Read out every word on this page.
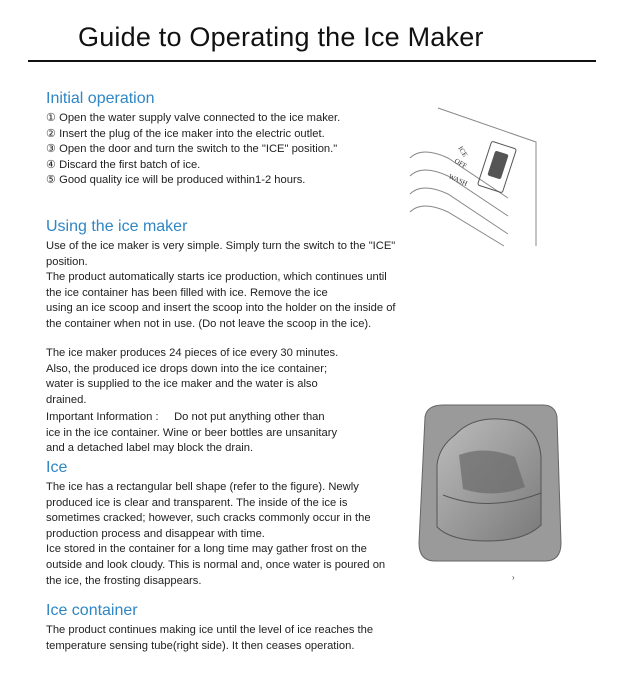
Guide to Operating the Ice Maker
Initial operation

① Open the water supply valve connected to the ice maker.

② Insert the plug of the ice maker into the electric outlet.

③ Open the door and turn the switch to the "ICE" position."

④ Discard the first batch of ice.

⑤ Good quality ice will be produced within1-2 hours.

Using the ice maker

Use of the ice maker is very simple. Simply turn the switch to the "ICE"

position.

The product automatically starts ice production, which continues until

the ice container has been filled with ice. Remove the ice

using an ice scoop and insert the scoop into the holder on the inside of

the container when not in use. (Do not leave the scoop in the ice).

The ice maker produces 24 pieces of ice every 30 minutes.
Also, the produced ice drops down into the ice container;
water is supplied to the ice maker and the water is also
drained.
Important Information :     Do not put anything other than
ice in the ice container. Wine or beer bottles are unsanitary
and a detached label may block the drain.
Ice

The ice has a rectangular bell shape (refer to the figure). Newly

produced ice is clear and transparent. The inside of the ice is

sometimes cracked; however, such cracks commonly occur in the

production process and disappear with time.

Ice stored in the container for a long time may gather frost on the

outside and look cloudy. This is normal and, once water is poured on

the ice, the frosting disappears.

Ice container

The product continues making ice until the level of ice reaches the

temperature sensing tube(right side). It then ceases operation.

ICE
OFF
WASH
›
